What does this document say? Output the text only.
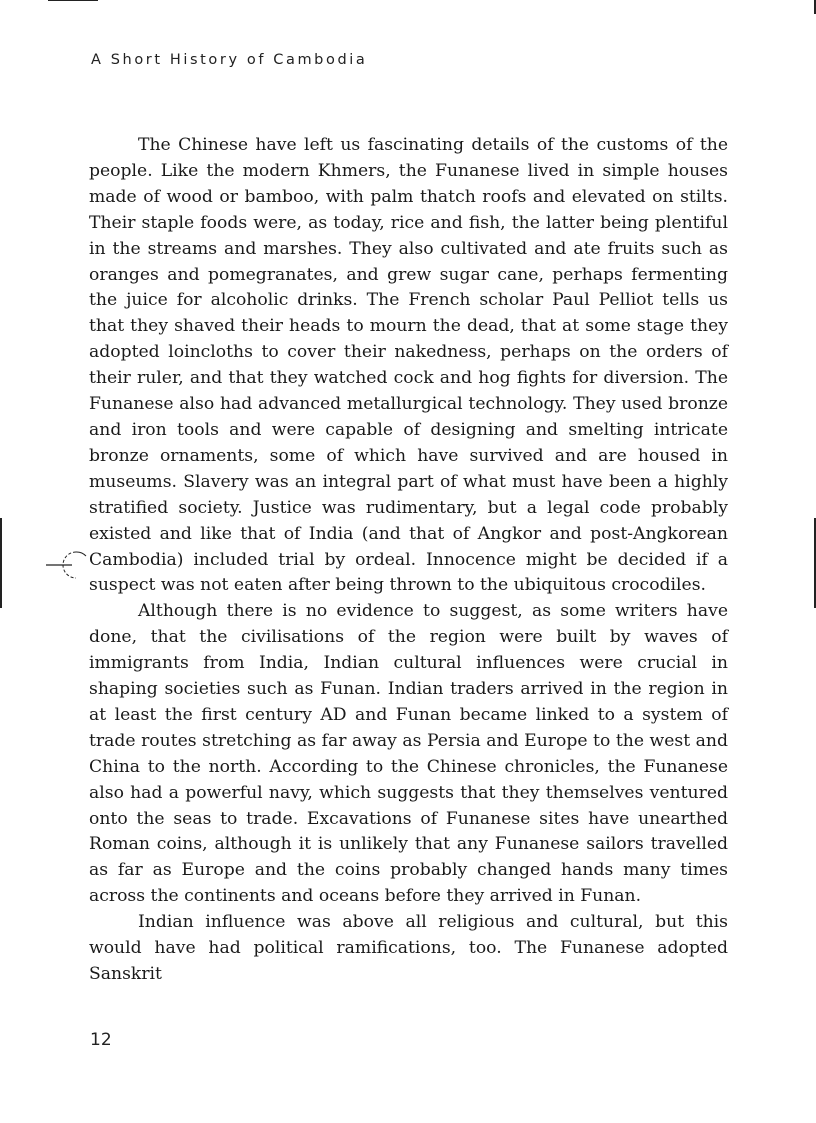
A Short History of Cambodia

The Chinese have left us fascinating details of the customs of the people. Like the modern Khmers, the Funanese lived in simple houses made of wood or bamboo, with palm thatch roofs and elevated on stilts. Their staple foods were, as today, rice and fish, the latter being plentiful in the streams and marshes. They also cultivated and ate fruits such as oranges and pomegranates, and grew sugar cane, perhaps fermenting the juice for alcoholic drinks. The French scholar Paul Pelliot tells us that they shaved their heads to mourn the dead, that at some stage they adopted loincloths to cover their nakedness, perhaps on the orders of their ruler, and that they watched cock and hog fights for diversion. The Funanese also had advanced metallurgical technology. They used bronze and iron tools and were capable of designing and smelting intricate bronze ornaments, some of which have survived and are housed in museums. Slavery was an integral part of what must have been a highly stratified society. Justice was rudimentary, but a legal code probably existed and like that of India (and that of Angkor and post-Angkorean Cambodia) included trial by ordeal. Innocence might be decided if a suspect was not eaten after being thrown to the ubiquitous crocodiles.

Although there is no evidence to suggest, as some writers have done, that the civilisations of the region were built by waves of immigrants from India, Indian cultural influences were crucial in shaping societies such as Funan. Indian traders arrived in the region in at least the first century AD and Funan became linked to a system of trade routes stretching as far away as Persia and Europe to the west and China to the north. According to the Chinese chronicles, the Funanese also had a powerful navy, which suggests that they themselves ventured onto the seas to trade. Excavations of Funanese sites have unearthed Roman coins, although it is unlikely that any Funanese sailors travelled as far as Europe and the coins probably changed hands many times across the continents and oceans before they arrived in Funan.

Indian influence was above all religious and cultural, but this would have had political ramifications, too. The Funanese adopted Sanskrit

12
